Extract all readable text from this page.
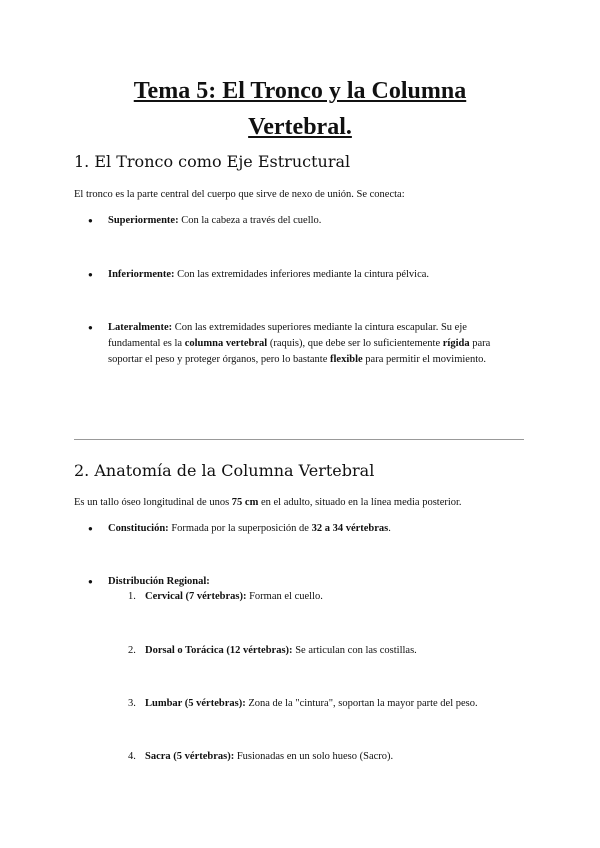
Tema 5: El Tronco y la Columna
Vertebral.
1. El Tronco como Eje Estructural
El tronco es la parte central del cuerpo que sirve de nexo de unión. Se conecta:
●	Superiormente: Con la cabeza a través del cuello.
●	Inferiormente: Con las extremidades inferiores mediante la cintura pélvica.
●	Lateralmente: Con las extremidades superiores mediante la cintura escapular. Su eje fundamental es la columna vertebral (raquis), que debe ser lo suficientemente rígida para soportar el peso y proteger órganos, pero lo bastante flexible para permitir el movimiento.
2. Anatomía de la Columna Vertebral
Es un tallo óseo longitudinal de unos 75 cm en el adulto, situado en la línea media posterior.
●	Constitución: Formada por la superposición de 32 a 34 vértebras.
●	Distribución Regional:
1. Cervical (7 vértebras): Forman el cuello.
2. Dorsal o Torácica (12 vértebras): Se articulan con las costillas.
3. Lumbar (5 vértebras): Zona de la "cintura", soportan la mayor parte del peso.
4. Sacra (5 vértebras): Fusionadas en un solo hueso (Sacro).
